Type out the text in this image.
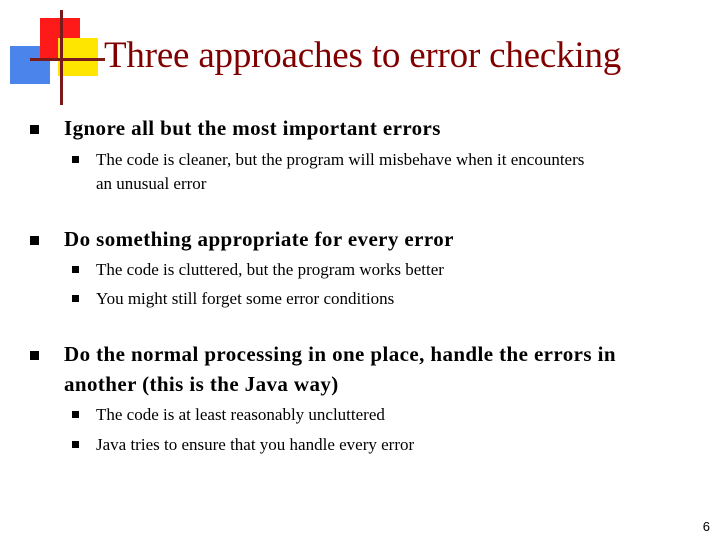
Three approaches to error checking
Ignore all but the most important errors
The code is cleaner, but the program will misbehave when it encounters
an unusual error
Do something appropriate for every error
The code is cluttered, but the program works better
You might still forget some error conditions
Do the normal processing in one place, handle the errors in
another (this is the Java way)
The code is at least reasonably uncluttered
Java tries to ensure that you handle every error
6
